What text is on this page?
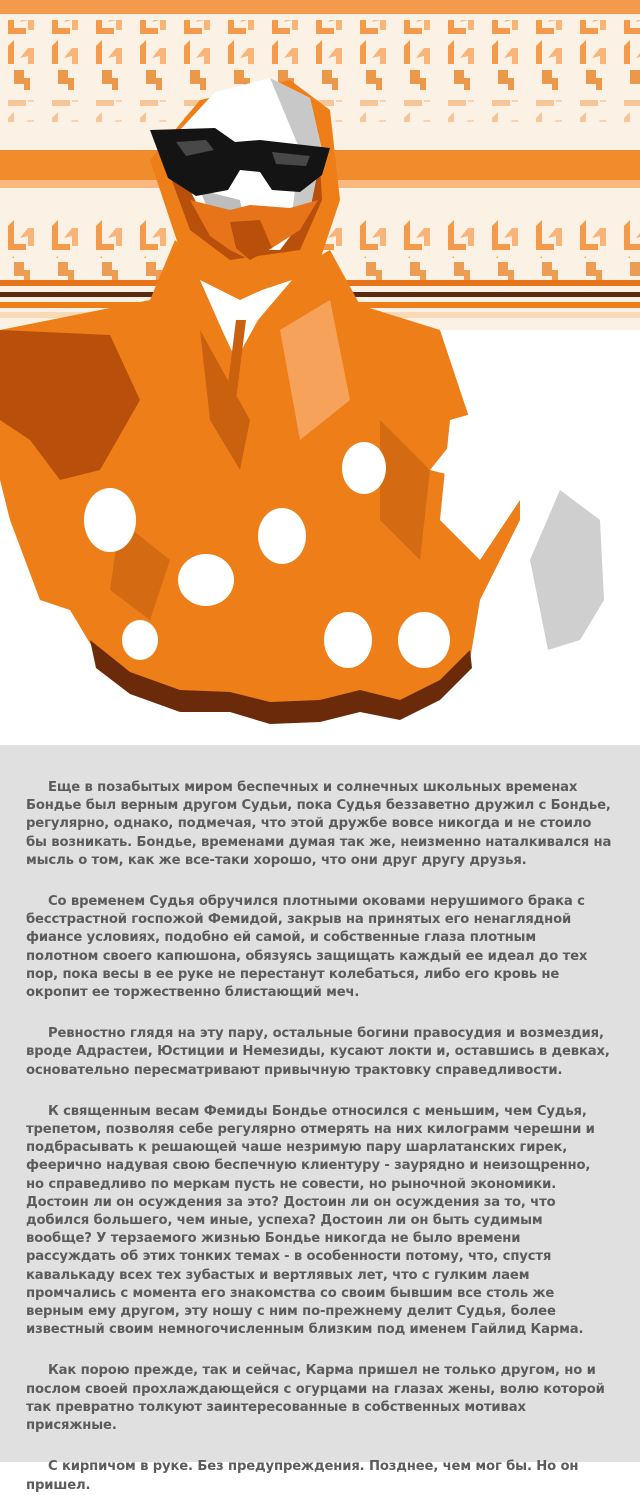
Еще в позабытых миром беспечных и солнечных школьных временах Бондье был верным другом Судьи, пока Судья беззаветно дружил с Бондье, регулярно, однако, подмечая, что этой дружбе вовсе никогда и не стоило бы возникать. Бондье, временами думая так же, неизменно наталкивался на мысль о том, как же все-таки хорошо, что они друг другу друзья.

Со временем Судья обручился плотными оковами нерушимого брака с бесстрастной госпожой Фемидой, закрыв на принятых его ненаглядной фиансе условиях, подобно ей самой, и собственные глаза плотным полотном своего капюшона, обязуясь защищать каждый ее идеал до тех пор, пока весы в ее руке не перестанут колебаться, либо его кровь не окропит ее торжественно блистающий меч.

Ревностно глядя на эту пару, остальные богини правосудия и возмездия, вроде Адрастеи, Юстиции и Немезиды, кусают локти и, оставшись в девках, основательно пересматривают привычную трактовку справедливости.

К священным весам Фемиды Бондье относился с меньшим, чем Судья, трепетом, позволяя себе регулярно отмерять на них килограмм черешни и подбрасывать к решающей чаше незримую пару шарлатанских гирек, феерично надувая свою беспечную клиентуру - заурядно и неизощренно, но справедливо по меркам пусть не совести, но рыночной экономики. Достоин ли он осуждения за это? Достоин ли он осуждения за то, что добился большего, чем иные, успеха? Достоин ли он быть судимым вообще? У терзаемого жизнью Бондье никогда не было времени рассуждать об этих тонких темах - в особенности потому, что, спустя кавалькаду всех тех зубастых и вертлявых лет, что с гулким лаем промчались с момента его знакомства со своим бывшим все столь же верным ему другом, эту ношу с ним по-прежнему делит Судья, более известный своим немногочисленным близким под именем Гайлид Карма.

Как порою прежде, так и сейчас, Карма пришел не только другом, но и послом своей прохлаждающейся с огурцами на глазах жены, волю которой так превратно толкуют заинтересованные в собственных мотивах присяжные.

С кирпичом в руке. Без предупреждения. Позднее, чем мог бы. Но он пришел.
